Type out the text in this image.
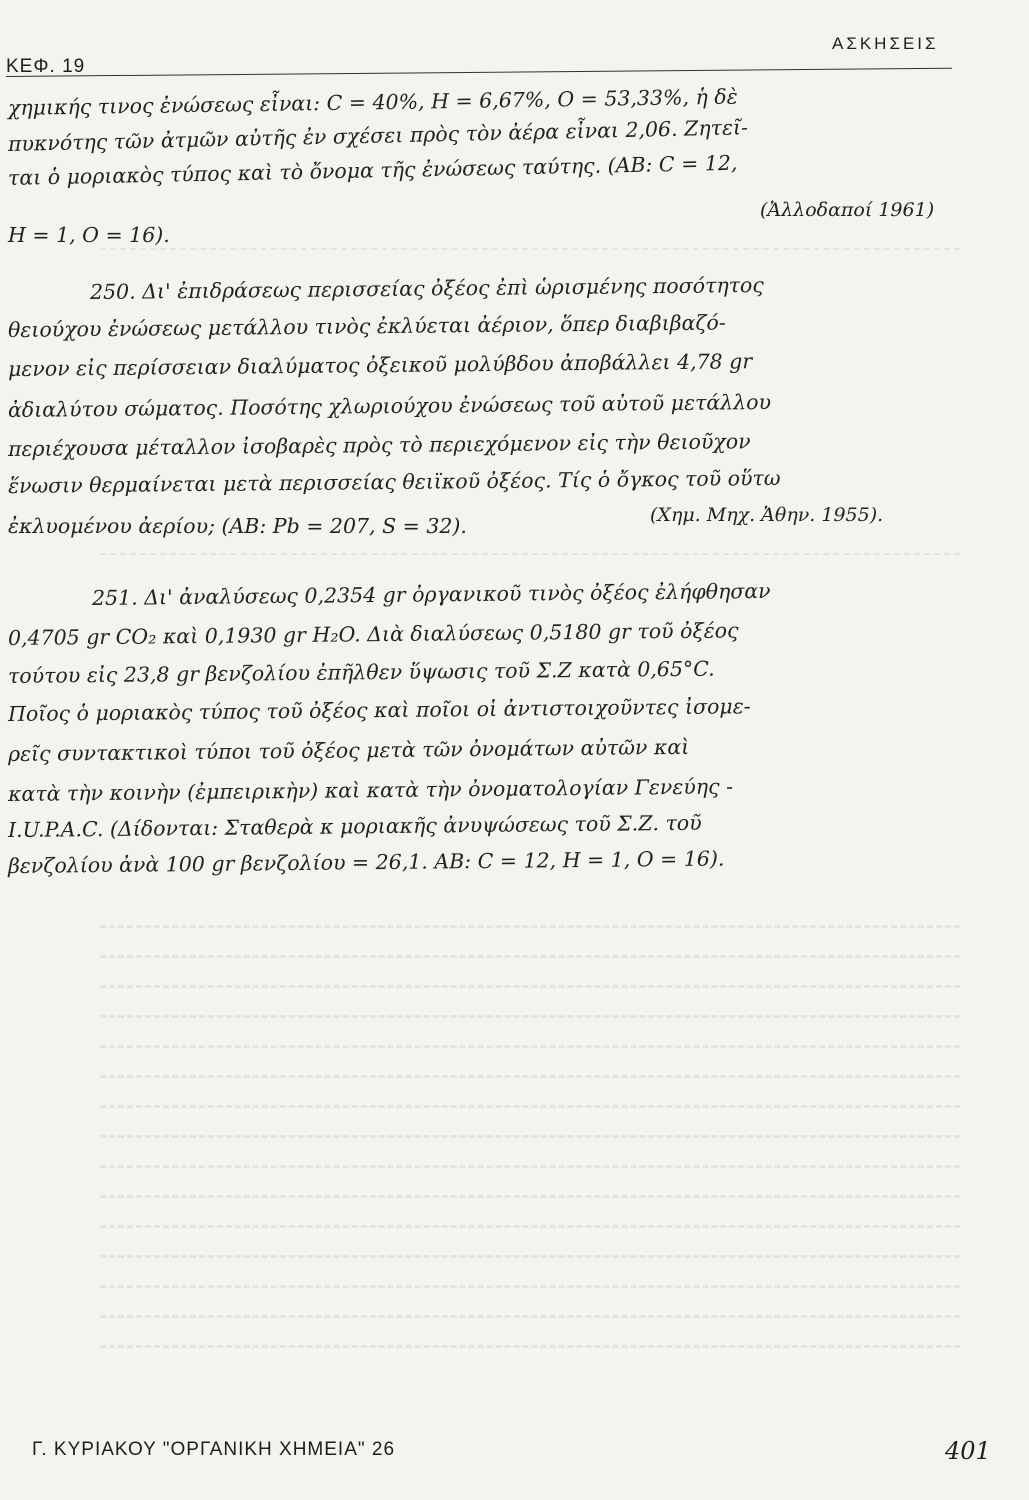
ΚΕΦ. 19
ΑΣΚΗΣΕΙΣ
χημικής τινος ἐνώσεως εἶναι: C = 40%, H = 6,67%, O = 53,33%, ἡ δὲ
πυκνότης τῶν ἀτμῶν αὐτῆς ἐν σχέσει πρὸς τὸν ἀέρα εἶναι 2,06. Ζητεῖ-
ται ὁ μοριακὸς τύπος καὶ τὸ ὄνομα τῆς ἐνώσεως ταύτης. (ΑΒ: C = 12,
H = 1, O = 16).
(Ἀλλοδαποί 1961)
250. Δι' ἐπιδράσεως περισσείας ὀξέος ἐπὶ ὡρισμένης ποσότητος
θειούχου ἐνώσεως μετάλλου τινὸς ἐκλύεται ἀέριον, ὅπερ διαβιβαζό-
μενον εἰς περίσσειαν διαλύματος ὀξεικοῦ μολύβδου ἀποβάλλει 4,78 gr
ἀδιαλύτου σώματος. Ποσότης χλωριούχου ἐνώσεως τοῦ αὐτοῦ μετάλλου
περιέχουσα μέταλλον ἰσοβαρὲς πρὸς τὸ περιεχόμενον εἰς τὴν θειοῦχον
ἕνωσιν θερμαίνεται μετὰ περισσείας θειϊκοῦ ὀξέος. Τίς ὁ ὄγκος τοῦ οὕτω
ἐκλυομένου ἀερίου; (ΑΒ: Pb = 207, S = 32).	(Χημ. Μηχ. Ἀθην. 1955).
251. Δι' ἀναλύσεως 0,2354 gr ὀργανικοῦ τινὸς ὀξέος ἐλήφθησαν
0,4705 gr CO₂ καὶ 0,1930 gr H₂O. Διὰ διαλύσεως 0,5180 gr τοῦ ὀξέος
τούτου εἰς 23,8 gr βενζολίου ἐπῆλθεν ὕψωσις τοῦ Σ.Ζ κατὰ 0,65°C.
Ποῖος ὁ μοριακὸς τύπος τοῦ ὀξέος καὶ ποῖοι οἱ ἀντιστοιχοῦντες ἰσομε-
ρεῖς συντακτικοὶ τύποι τοῦ ὀξέος μετὰ τῶν ὀνομάτων αὐτῶν καὶ
κατὰ τὴν κοινὴν (ἐμπειρικὴν) καὶ κατὰ τὴν ὀνοματολογίαν Γενεύης -
I.U.P.A.C. (Δίδονται: Σταθερὰ κ μοριακῆς ἀνυψώσεως τοῦ Σ.Ζ. τοῦ
βενζολίου ἀνὰ 100 gr βενζολίου = 26,1. ΑΒ: C = 12, H = 1, O = 16).
Γ. ΚΥΡΙΑΚΟΥ "ΟΡΓΑΝΙΚΗ ΧΗΜΕΙΑ" 26	401
